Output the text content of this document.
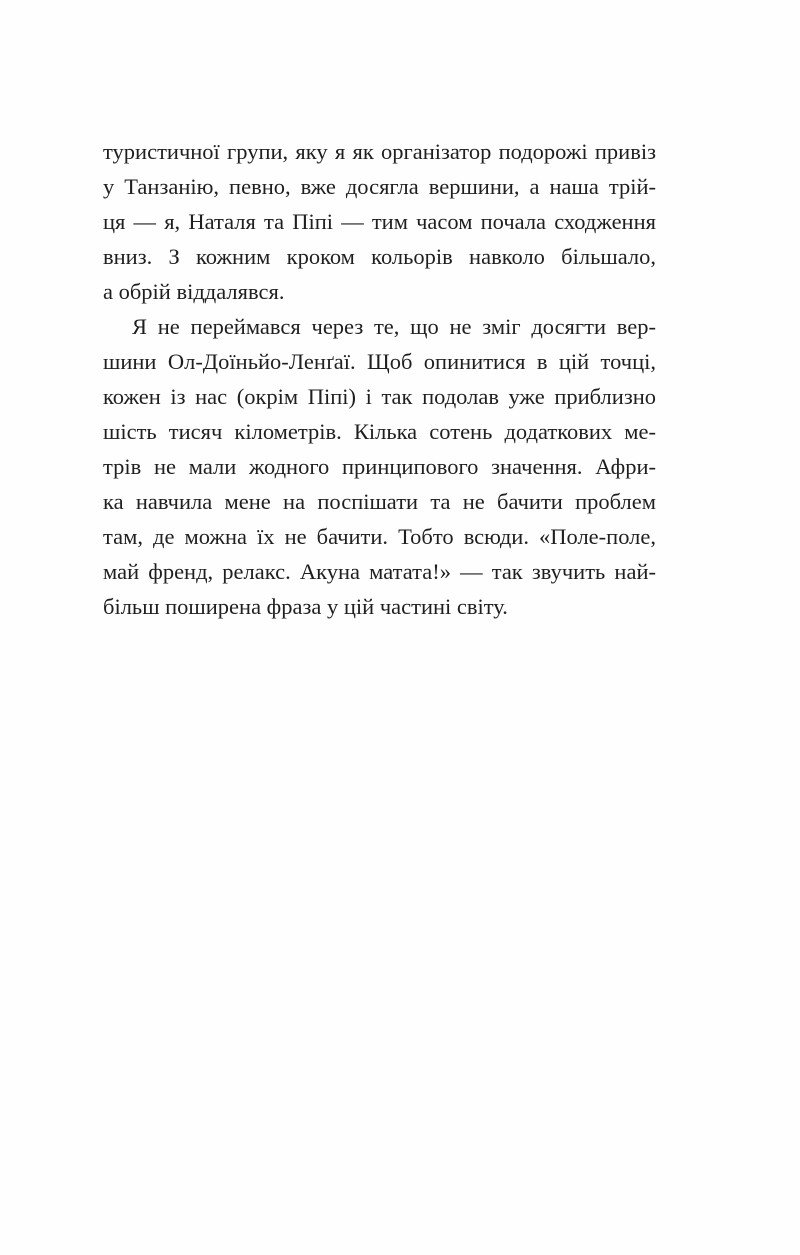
туристичної групи, яку я як організатор подорожі привіз
у Танзанію, певно, вже досягла вершини, а наша трій-
ця — я, Наталя та Піпі — тим часом почала сходження
вниз. З кожним кроком кольорів навколо більшало,
а обрій віддалявся.
Я не переймався через те, що не зміг досягти вер-
шини Ол-Доїньйо-Ленґаї. Щоб опинитися в цій точці,
кожен із нас (окрім Піпі) і так подолав уже приблизно
шість тисяч кілометрів. Кілька сотень додаткових ме-
трів не мали жодного принципового значення. Афри-
ка навчила мене на поспішати та не бачити проблем
там, де можна їх не бачити. Тобто всюди. «Поле-поле,
май френд, релакс. Акуна матата!» — так звучить най-
більш поширена фраза у цій частині світу.
